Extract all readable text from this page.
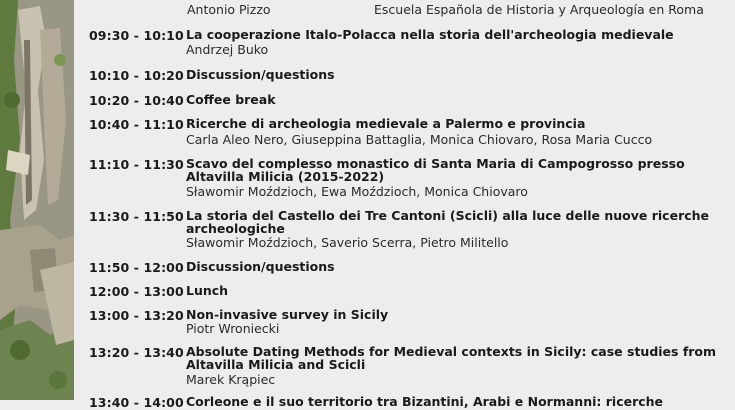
Antonio Pizzo	Escuela Española de Historia y Arqueología en Roma
09:30 - 10:10 La cooperazione Italo-Polacca nella storia dell'archeologia medievale
Andrzej Buko
10:10 - 10:20 Discussion/questions
10:20 - 10:40 Coffee break
10:40 - 11:10 Ricerche di archeologia medievale a Palermo e provincia
Carla Aleo Nero, Giuseppina Battaglia, Monica Chiovaro, Rosa Maria Cucco
11:10 - 11:30 Scavo del complesso monastico di Santa Maria di Campogrosso presso Altavilla Milicia (2015-2022)
Sławomir Moździoch, Ewa Moździoch, Monica Chiovaro
11:30 - 11:50 La storia del Castello dei Tre Cantoni (Scicli) alla luce delle nuove ricerche archeologiche
Sławomir Moździoch, Saverio Scerra, Pietro Militello
11:50 - 12:00 Discussion/questions
12:00 - 13:00 Lunch
13:00 - 13:20 Non-invasive survey in Sicily
Piotr Wroniecki
13:20 - 13:40 Absolute Dating Methods for Medieval contexts in Sicily: case studies from Altavilla Milicia and Scicli
Marek Krąpiec
13:40 - 14:00 Corleone e il suo territorio tra Bizantini, Arabi e Normanni: ricerche
